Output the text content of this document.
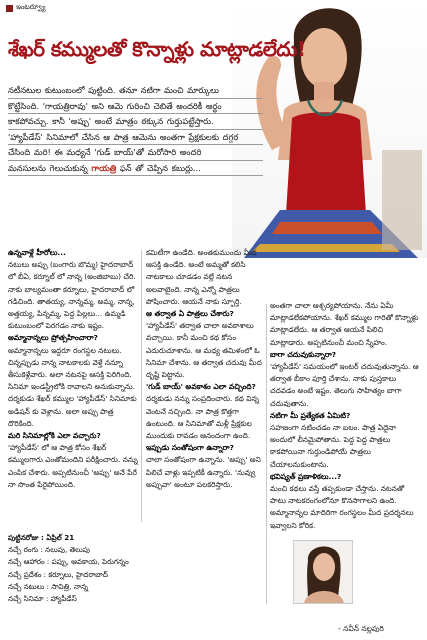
ఇంటర్వ్యూ
శేఖర్ కమ్ములతో కొన్నాళ్లు మాట్లాడలేదు!
నటీనటుల కుటుంబంలో పుట్టింది. తనూ నటిగా మంచి మార్కులు
కొట్టేసింది. 'గాయత్రిరావు' అని ఆమె గురించి చెబితే అందరికీ అర్థం
కాకపోవచ్చు. కానీ 'అప్పు' అంటే మాత్రం ఠక్కున గుర్తుపట్టేస్తారు.
'హ్యాపీడేస్' సినిమాలో చేసిన ఆ పాత్ర ఆమెను అంతగా ప్రేక్షకులకు దగ్గర
చేసింది మరి! ఈ మధ్యనే 'గుడ్ బాయ్'తో మరోసారి అందరి
మనసులను గెలుచుకున్న గాయత్రి ఫన్ తో చెప్పిన కబుర్లు...

ఉన్నవాళ్లే హీరోలు...

నటులు అప్పు (బంగారు బొమ్మ) హైదరాబాద్ లో బీఏ, కర్నూల్ లో నాన్న (అంజిబాబు) చేరి. నాకు బాల్యమంతా కర్నూలు, హైదరాబాద్ లో గడిచింది. తాతయ్య, నాన్నమ్మ, అమ్మ, నాన్న, అత్తయ్య, పిన్నమ్మ, పెద్ద పిల్లలు... ఉమ్మడి కుటుంబంలో పెరగడం నాకు ఇష్టం.

అమ్మానాన్నలు ప్రోత్సహించారా?

అమ్మానాన్నలు ఇద్దరూ రంగస్థల నటులు. చిన్నప్పుడు నాన్న నాటకాలకు వెళ్తే నన్నూ తీసుకెళ్లేవారు. అలా నటనపై ఆసక్తి పెరిగింది. సినిమా ఇండస్ట్రీలోకి రావాలని అనుకున్నాను. దర్శకుడు శేఖర్ కమ్ముల 'హ్యాపీడేస్' సినిమాకు అడిషన్ కు వెళ్లాను. అలా అప్పు పాత్ర దొరికింది.

మరి సినిమాల్లోకి ఎలా వచ్చారు?

'హ్యాపీడేస్' లో ఆ పాత్ర కోసం శేఖర్ కమ్ములగారు ఎంతోమందిని పరీక్షించారు. నన్ను ఎంపిక చేశారు. అప్పటినుంచీ 'అప్పు' అనే పేరే నా సొంత పేరైపోయింది.

కమిటీగా ఉండేది. అంతకుముందు మీద ఆసక్తి ఉండేది. అంటే అమ్మతో కలిసి నాటకాలు చూడడం వల్లే నటన అలవాటైంది. నాన్న ఎన్నో పాత్రలు పోషించారు. ఆయనే నాకు స్ఫూర్తి.

ఆ తర్వాత ఏ పాత్రలు చేశారు?

'హ్యాపీడేస్' తర్వాత చాలా అవకాశాలు వచ్చాయి. కానీ మంచి కథ కోసం ఎదురుచూశాను. ఆ మధ్య తమిళంలో ఓ సినిమా చేశాను. ఆ తర్వాత చదువు మీద దృష్టి పెట్టాను.

'గుడ్ బాయ్' అవకాశం ఎలా వచ్చింది?

దర్శకుడు నన్ను సంప్రదించారు. కథ విన్న వెంటనే నచ్చింది. నా పాత్ర కొత్తగా ఉంటుంది. ఆ సినిమాతో మళ్లీ ప్రేక్షకుల ముందుకు రావడం ఆనందంగా ఉంది.

ఇప్పుడు సంతోషంగా ఉన్నారా?

చాలా సంతోషంగా ఉన్నాను. 'అప్పు' అని పిలిచే వాళ్లు ఇప్పటికీ ఉన్నారు. 'నువ్వు అప్పువా' అంటూ పలకరిస్తారు.

అంతగా చాలా ఆశ్చర్యపోయాను. నేను ఏమీ మాట్లాడలేకపోయాను. శేఖర్ కమ్ముల గారితో కొన్నాళ్లు మాట్లాడలేదు. ఆ తర్వాత ఆయనే పిలిచి మాట్లాడారు. అప్పటినుంచీ మంచి స్నేహం.

బాగా చదువుకున్నారా?

'హ్యాపీడేస్' సమయంలో ఇంటర్ చదువుతున్నాను. ఆ తర్వాత బీకాం పూర్తి చేశాను. నాకు పుస్తకాలు చదవడం అంటే ఇష్టం. తెలుగు సాహిత్యం బాగా చదువుతాను.

నటిగా మీ ప్రత్యేకత ఏమిటి?

సహజంగా నటించడం నా బలం. పాత్ర ఏదైనా అందులో లీనమైపోతాను. పెద్ద పెద్ద పాత్రలు కాకపోయినా గుర్తుండిపోయే పాత్రలు చేయాలనుకుంటాను.

భవిష్యత్ ప్రణాళికలు...?

మంచి కథలు వస్తే తప్పకుండా చేస్తాను. నటనతో పాటు నాటకరంగంలోనూ కొనసాగాలని ఉంది. అమ్మానాన్నల మాదిరిగా రంగస్థలం మీద ప్రదర్శనలు ఇవ్వాలని కోరిక.

పుట్టినరోజు : ఏప్రిల్ 21
నచ్చే రంగు : నలుపు, తెలుపు
నచ్చే ఆహారం : పప్పు, ఆవకాయ, పెరుగన్నం
నచ్చే ప్రదేశం : కర్నూలు, హైదరాబాద్
నచ్చే నటులు : సావిత్రి, నాన్న
నచ్చే సినిమా : హ్యాపీడేస్
- నవీన్ నల్లపురి
